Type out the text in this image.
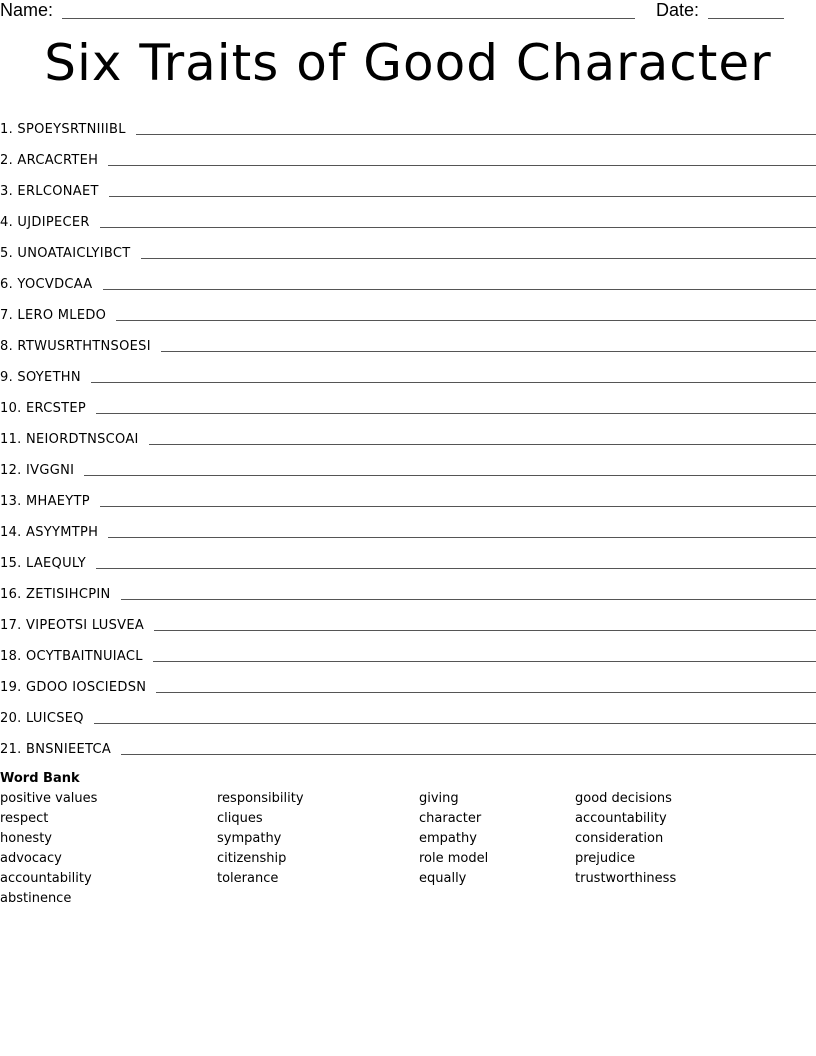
Name:	Date:
Six Traits of Good Character
1. SPOEYSRTNIIIBL
2. ARCACRTEH
3. ERLCONAET
4. UJDIPECER
5. UNOATAICLYIBCT
6. YOCVDCAA
7. LERO MLEDO
8. RTWUSRTHTNSOESI
9. SOYETHN
10. ERCSTEP
11. NEIORDTNSCOAI
12. IVGGNI
13. MHAEYTP
14. ASYYMTPH
15. LAEQULY
16. ZETISIHCPIN
17. VIPEOTSI LUSVEA
18. OCYTBAITNUIACL
19. GDOO IOSCIEDSN
20. LUICSEQ
21. BNSNIEETCA
Word Bank
positive values
respect
honesty
advocacy
accountability
abstinence
responsibility
cliques
sympathy
citizenship
tolerance
giving
character
empathy
role model
equally
good decisions
accountability
consideration
prejudice
trustworthiness
